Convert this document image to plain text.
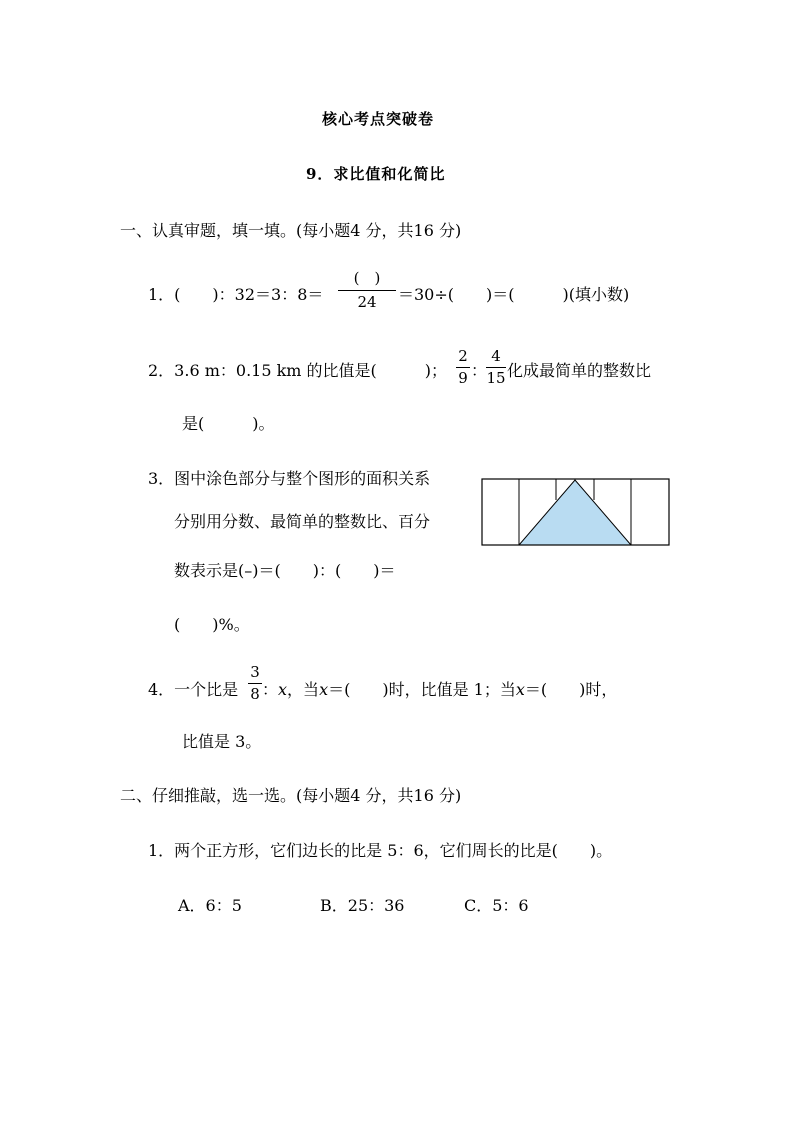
核心考点突破卷
9．求比值和化简比
一、认真审题，填一填。(每小题4 分，共16 分)
1．(　　)：32＝3：8＝
(　)
24	＝30÷(　　)＝(　　　)(填小数)
2．3.6 m：0.15 km 的比值是(　　　)；
2
9 ：
4
15 化成最简单的整数比
是(　　　)。
3．图中涂色部分与整个图形的面积关系
分别用分数、最简单的整数比、百分
数表示是(–)＝(　　)：(　　)＝
(　　)%。
4．一个比是
3
8 ：x，当x＝(　　)时，比值是 1；当x＝(　　)时，
比值是 3。
二、仔细推敲，选一选。(每小题4 分，共16 分)
1．两个正方形，它们边长的比是 5：6，它们周长的比是(　　)。
A．6：5	B．25：36	C．5：6
